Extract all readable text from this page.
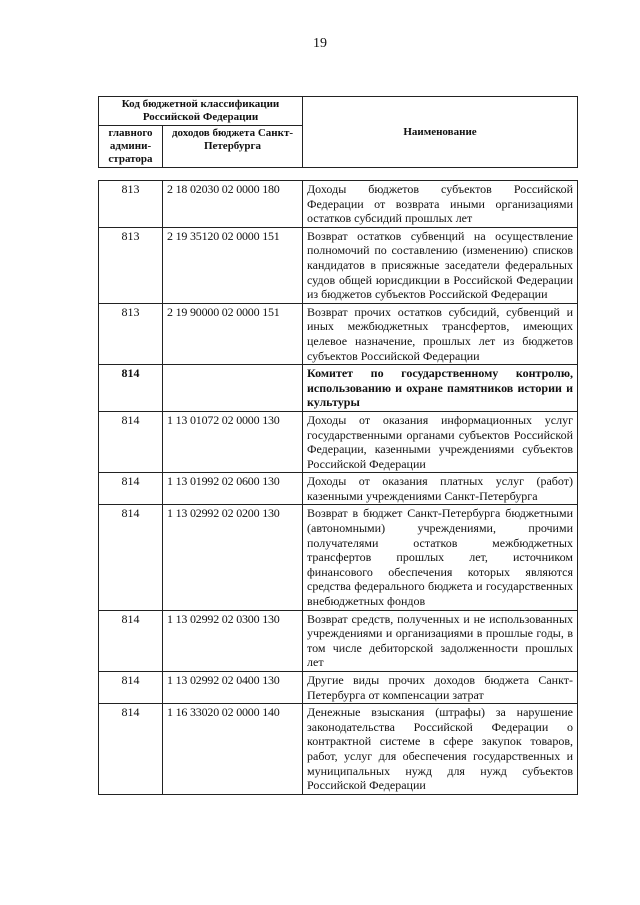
19
Код бюджетной классификации Российской Федерации		Наименование
главного админи-стратора	доходов бюджета Санкт-Петербурга	
813	2 18 02030 02 0000 180	Доходы бюджетов субъектов Российской Федерации от возврата иными организациями остатков субсидий прошлых лет
813	2 19 35120 02 0000 151	Возврат остатков субвенций на осуществление полномочий по составлению (изменению) списков кандидатов в присяжные заседатели федеральных судов общей юрисдикции в Российской Федерации из бюджетов субъектов Российской Федерации
813	2 19 90000 02 0000 151	Возврат прочих остатков субсидий, субвенций и иных межбюджетных трансфертов, имеющих целевое назначение, прошлых лет из бюджетов субъектов Российской Федерации
814		Комитет по государственному контролю, использованию и охране памятников истории и культуры
814	1 13 01072 02 0000 130	Доходы от оказания информационных услуг государственными органами субъектов Российской Федерации, казенными учреждениями субъектов Российской Федерации
814	1 13 01992 02 0600 130	Доходы от оказания платных услуг (работ) казенными учреждениями Санкт-Петербурга
814	1 13 02992 02 0200 130	Возврат в бюджет Санкт-Петербурга бюджетными (автономными) учреждениями, прочими получателями остатков межбюджетных трансфертов прошлых лет, источником финансового обеспечения которых являются средства федерального бюджета и государственных внебюджетных фондов
814	1 13 02992 02 0300 130	Возврат средств, полученных и не использованных учреждениями и организациями в прошлые годы, в том числе дебиторской задолженности прошлых лет
814	1 13 02992 02 0400 130	Другие виды прочих доходов бюджета Санкт-Петербурга от компенсации затрат
814	1 16 33020 02 0000 140	Денежные взыскания (штрафы) за нарушение законодательства Российской Федерации о контрактной системе в сфере закупок товаров, работ, услуг для обеспечения государственных и муниципальных нужд для нужд субъектов Российской Федерации
